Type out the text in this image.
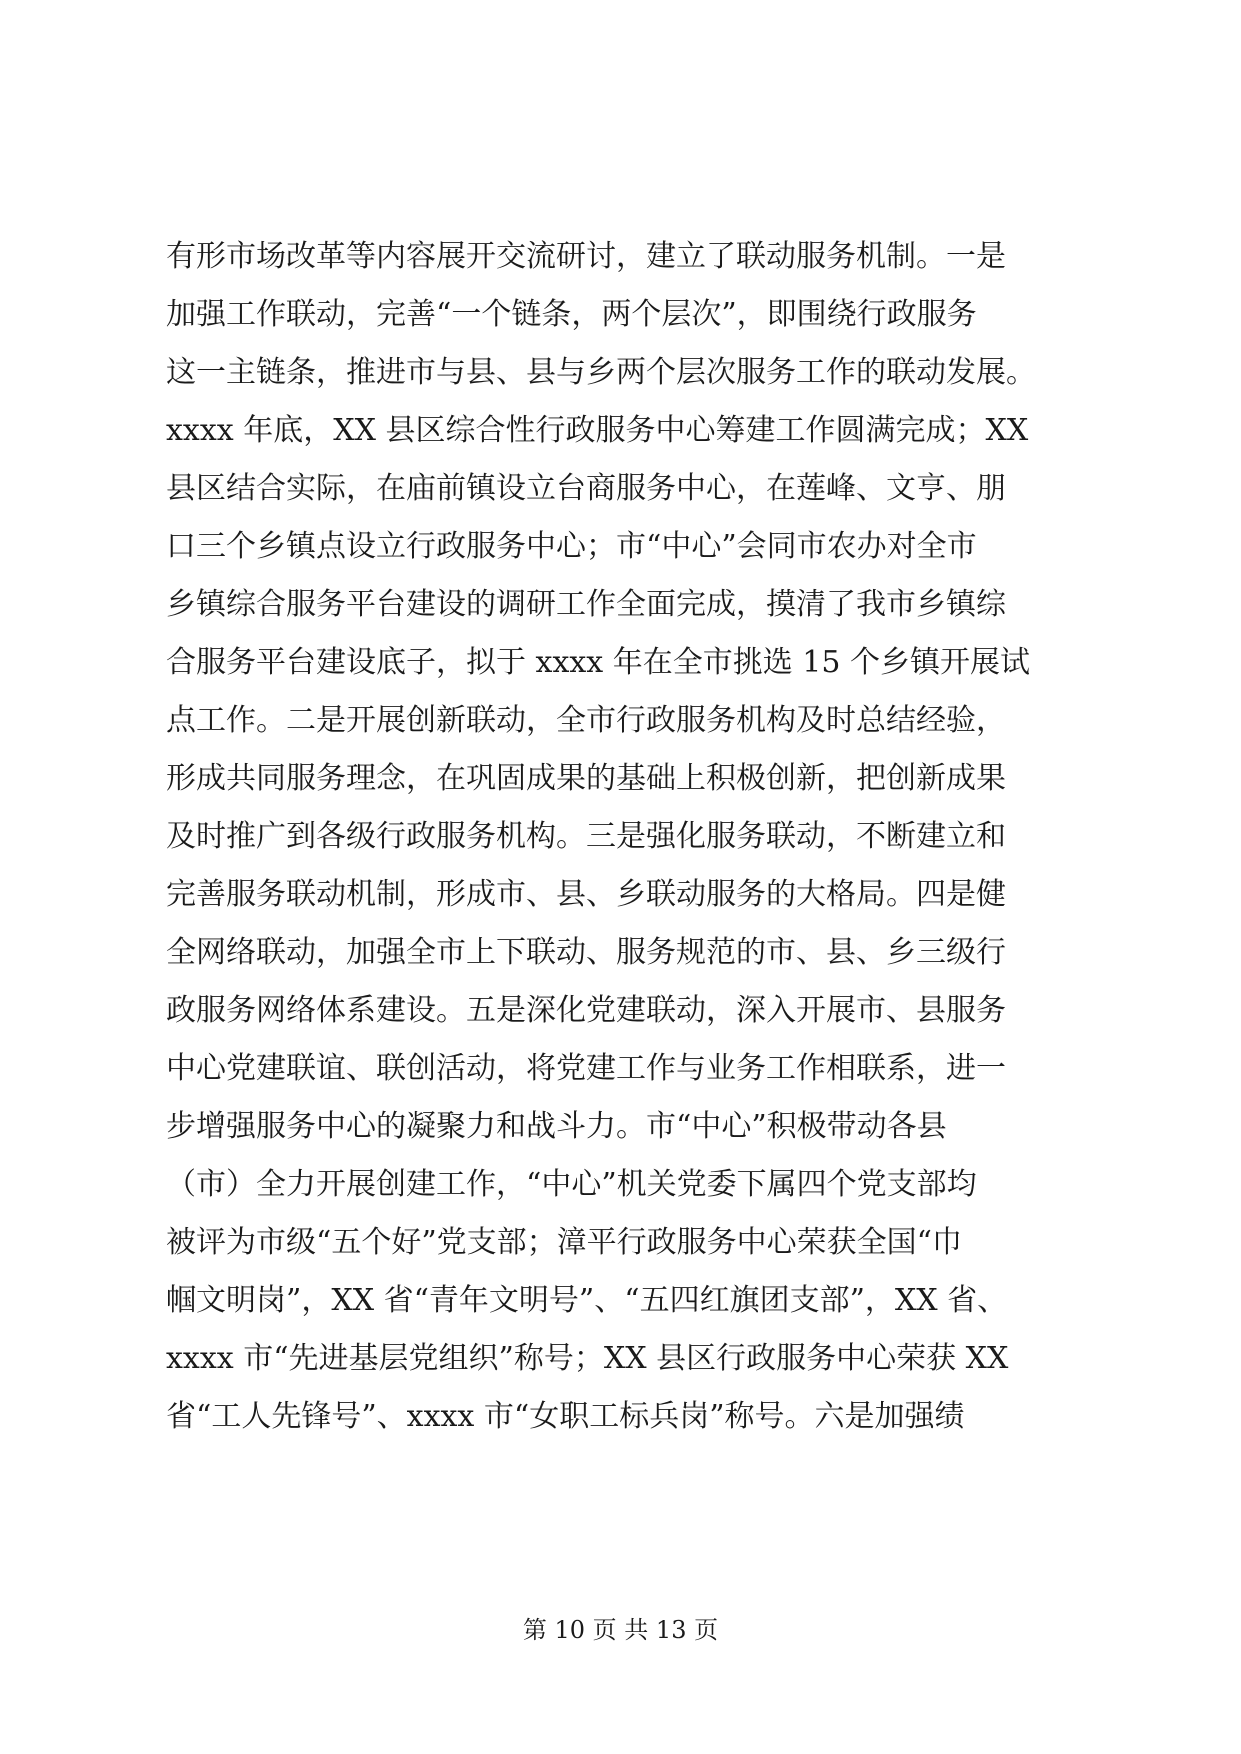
有形市场改革等内容展开交流研讨，建立了联动服务机制。一是
加强工作联动，完善“一个链条，两个层次”，即围绕行政服务
这一主链条，推进市与县、县与乡两个层次服务工作的联动发展。
xxxx 年底，XX 县区综合性行政服务中心筹建工作圆满完成；XX
县区结合实际，在庙前镇设立台商服务中心，在莲峰、文亨、朋
口三个乡镇点设立行政服务中心；市“中心”会同市农办对全市
乡镇综合服务平台建设的调研工作全面完成，摸清了我市乡镇综
合服务平台建设底子，拟于 xxxx 年在全市挑选 15 个乡镇开展试
点工作。二是开展创新联动，全市行政服务机构及时总结经验，
形成共同服务理念，在巩固成果的基础上积极创新，把创新成果
及时推广到各级行政服务机构。三是强化服务联动，不断建立和
完善服务联动机制，形成市、县、乡联动服务的大格局。四是健
全网络联动，加强全市上下联动、服务规范的市、县、乡三级行
政服务网络体系建设。五是深化党建联动，深入开展市、县服务
中心党建联谊、联创活动，将党建工作与业务工作相联系，进一
步增强服务中心的凝聚力和战斗力。市“中心”积极带动各县
（市）全力开展创建工作，“中心”机关党委下属四个党支部均
被评为市级“五个好”党支部；漳平行政服务中心荣获全国“巾
帼文明岗”，XX 省“青年文明号”、“五四红旗团支部”，XX 省、
xxxx 市“先进基层党组织”称号；XX 县区行政服务中心荣获 XX
省“工人先锋号”、xxxx 市“女职工标兵岗”称号。六是加强绩
第 10 页 共 13 页
